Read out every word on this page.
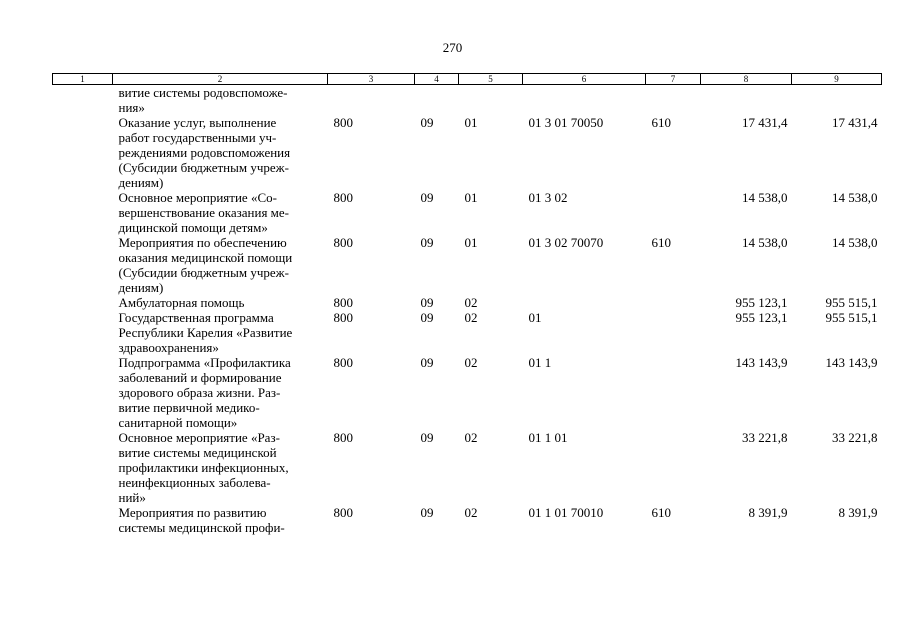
270
1	2	3	4	5	6	7	8	9
	витие системы родовспоможе-
ния»							
	Оказание услуг, выполнение
работ государственными уч-
реждениями родовспоможения
(Субсидии бюджетным учреж-
дениям)	800	09	01	01 3 01 70050	610	17 431,4	17 431,4
	Основное мероприятие «Со-
вершенствование оказания ме-
дицинской помощи детям»	800	09	01	01 3 02		14 538,0	14 538,0
	Мероприятия по обеспечению
оказания медицинской помощи
(Субсидии бюджетным учреж-
дениям)	800	09	01	01 3 02 70070	610	14 538,0	14 538,0
	Амбулаторная помощь	800	09	02			955 123,1	955 515,1
	Государственная программа
Республики Карелия «Развитие
здравоохранения»	800	09	02	01		955 123,1	955 515,1
	Подпрограмма «Профилактика
заболеваний и формирование
здорового образа жизни. Раз-
витие первичной медико-
санитарной помощи»	800	09	02	01 1		143 143,9	143 143,9
	Основное мероприятие «Раз-
витие системы медицинской
профилактики инфекционных,
неинфекционных заболева-
ний»	800	09	02	01 1 01		33 221,8	33 221,8
	Мероприятия по развитию
системы медицинской профи-	800	09	02	01 1 01 70010	610	8 391,9	8 391,9
